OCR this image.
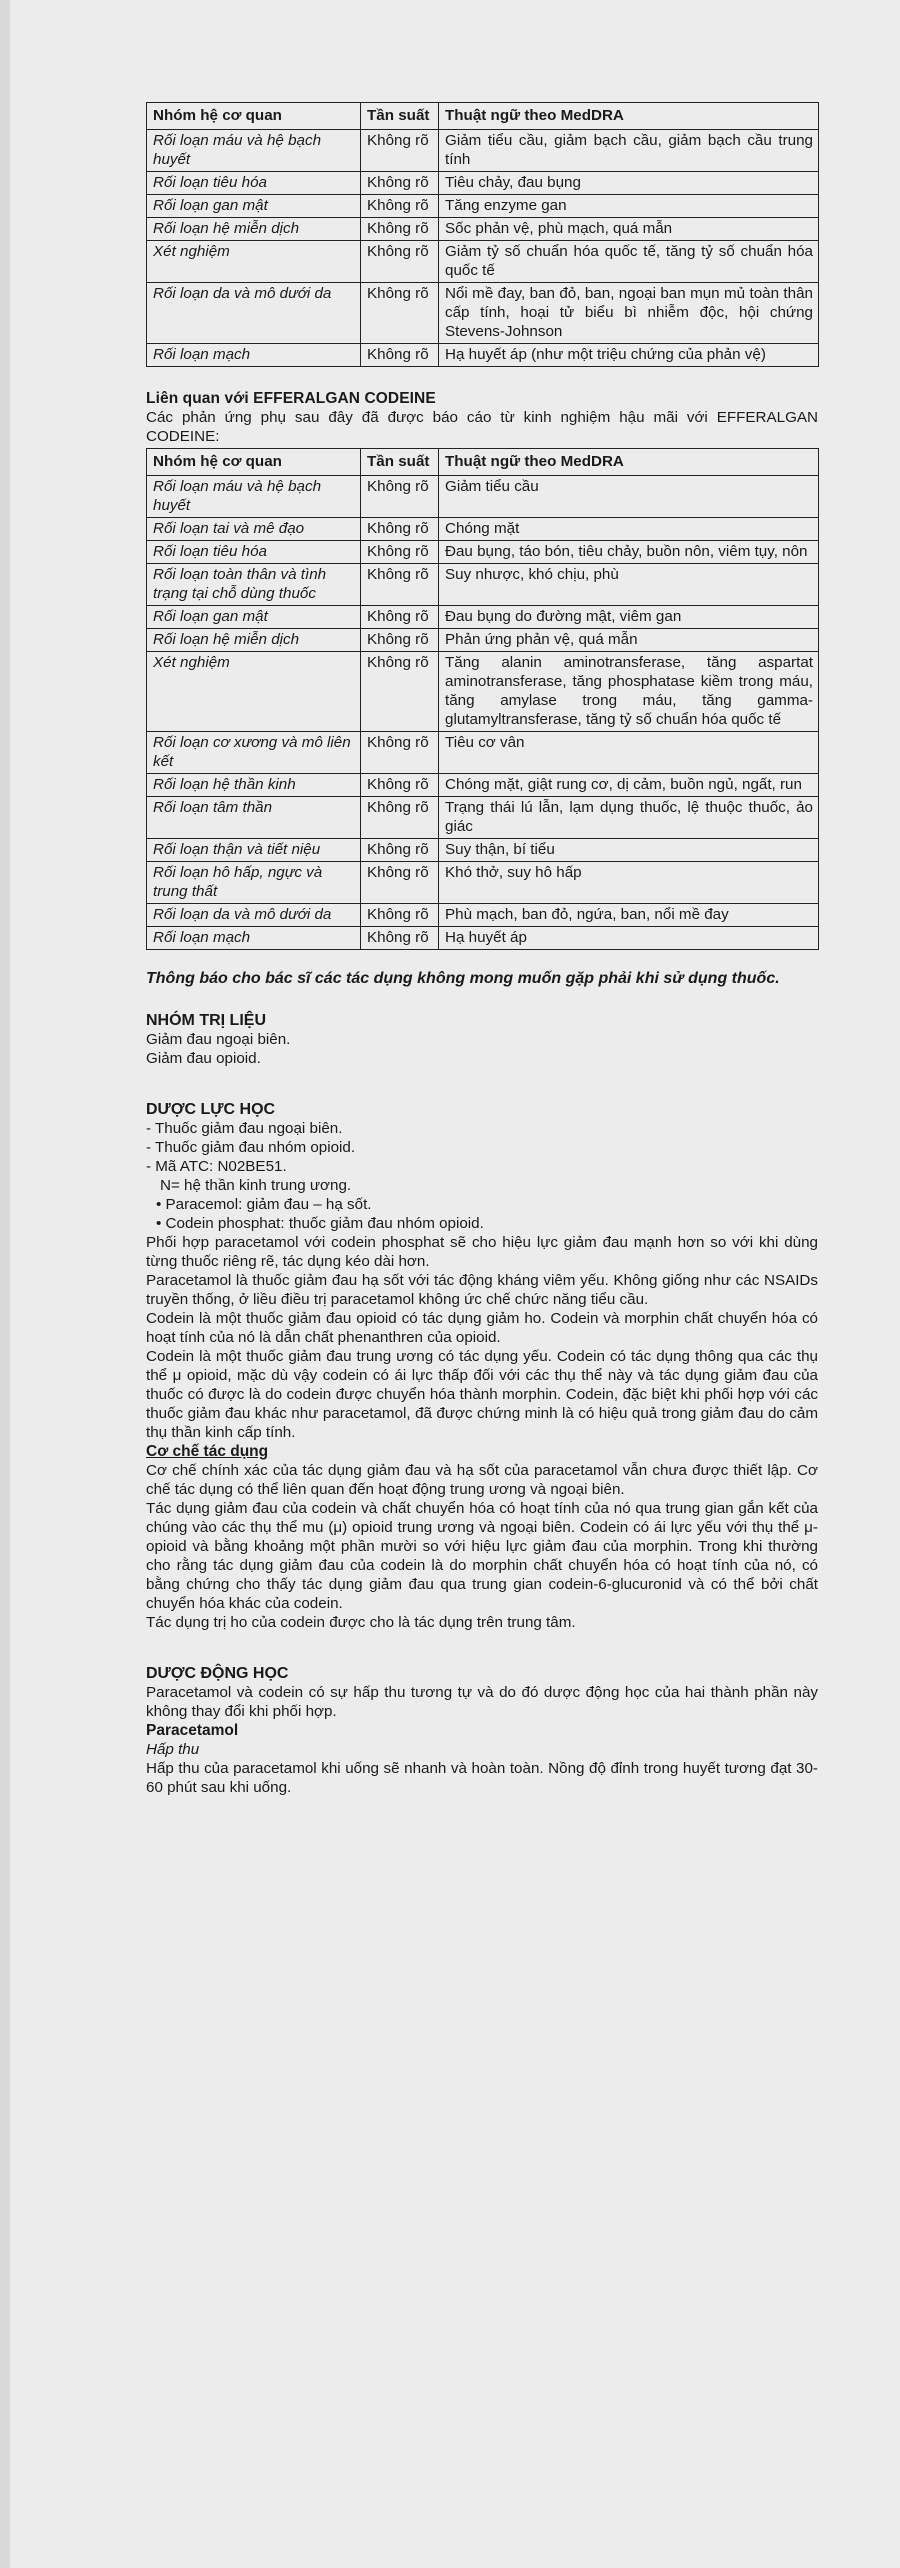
Nhóm hệ cơ quan	Tần suất	Thuật ngữ theo MedDRA
Rối loạn máu và hệ bạch huyết	Không rõ	Giảm tiểu cầu, giảm bạch cầu, giảm bạch cầu trung tính
Rối loạn tiêu hóa	Không rõ	Tiêu chảy, đau bụng
Rối loạn gan mật	Không rõ	Tăng enzyme gan
Rối loạn hệ miễn dịch	Không rõ	Sốc phản vệ, phù mạch, quá mẫn
Xét nghiệm	Không rõ	Giảm tỷ số chuẩn hóa quốc tế, tăng tỷ số chuẩn hóa quốc tế
Rối loạn da và mô dưới da	Không rõ	Nổi mề đay, ban đỏ, ban, ngoại ban mụn mủ toàn thân cấp tính, hoại tử biểu bì nhiễm độc, hội chứng Stevens-Johnson
Rối loạn mạch	Không rõ	Hạ huyết áp (như một triệu chứng của phản vệ)
Liên quan với EFFERALGAN CODEINE
Các phản ứng phụ sau đây đã được báo cáo từ kinh nghiệm hậu mãi với EFFERALGAN CODEINE:
Nhóm hệ cơ quan	Tần suất	Thuật ngữ theo MedDRA
Rối loạn máu và hệ bạch huyết	Không rõ	Giảm tiểu cầu
Rối loạn tai và mê đạo	Không rõ	Chóng mặt
Rối loạn tiêu hóa	Không rõ	Đau bụng, táo bón, tiêu chảy, buồn nôn, viêm tụy, nôn
Rối loạn toàn thân và tình trạng tại chỗ dùng thuốc	Không rõ	Suy nhược, khó chịu, phù
Rối loạn gan mật	Không rõ	Đau bụng do đường mật, viêm gan
Rối loạn hệ miễn dịch	Không rõ	Phản ứng phản vệ, quá mẫn
Xét nghiệm	Không rõ	Tăng alanin aminotransferase, tăng aspartat aminotransferase, tăng phosphatase kiềm trong máu, tăng amylase trong máu, tăng gamma-glutamyltransferase, tăng tỷ số chuẩn hóa quốc tế
Rối loạn cơ xương và mô liên kết	Không rõ	Tiêu cơ vân
Rối loạn hệ thần kinh	Không rõ	Chóng mặt, giật rung cơ, dị cảm, buồn ngủ, ngất, run
Rối loạn tâm thần	Không rõ	Trạng thái lú lẫn, lạm dụng thuốc, lệ thuộc thuốc, ảo giác
Rối loạn thận và tiết niệu	Không rõ	Suy thận, bí tiểu
Rối loạn hô hấp, ngực và trung thất	Không rõ	Khó thở, suy hô hấp
Rối loạn da và mô dưới da	Không rõ	Phù mạch, ban đỏ, ngứa, ban, nổi mề đay
Rối loạn mạch	Không rõ	Hạ huyết áp
Thông báo cho bác sĩ các tác dụng không mong muốn gặp phải khi sử dụng thuốc.
NHÓM TRỊ LIỆU
Giảm đau ngoại biên.
Giảm đau opioid.
DƯỢC LỰC HỌC
- Thuốc giảm đau ngoại biên.
- Thuốc giảm đau nhóm opioid.
- Mã ATC: N02BE51.
N= hệ thần kinh trung ương.
• Paracemol: giảm đau – hạ sốt.
• Codein phosphat: thuốc giảm đau nhóm opioid.
Phối hợp paracetamol với codein phosphat sẽ cho hiệu lực giảm đau mạnh hơn so với khi dùng từng thuốc riêng rẽ, tác dụng kéo dài hơn.
Paracetamol là thuốc giảm đau hạ sốt với tác động kháng viêm yếu. Không giống như các NSAIDs truyền thống, ở liều điều trị paracetamol không ức chế chức năng tiểu cầu.
Codein là một thuốc giảm đau opioid có tác dụng giảm ho. Codein và morphin chất chuyển hóa có hoạt tính của nó là dẫn chất phenanthren của opioid.
Codein là một thuốc giảm đau trung ương có tác dụng yếu. Codein có tác dụng thông qua các thụ thể μ opioid, mặc dù vậy codein có ái lực thấp đối với các thụ thể này và tác dụng giảm đau của thuốc có được là do codein được chuyển hóa thành morphin. Codein, đặc biệt khi phối hợp với các thuốc giảm đau khác như paracetamol, đã được chứng minh là có hiệu quả trong giảm đau do cảm thụ thần kinh cấp tính.
Cơ chế tác dụng
Cơ chế chính xác của tác dụng giảm đau và hạ sốt của paracetamol vẫn chưa được thiết lập. Cơ chế tác dụng có thể liên quan đến hoạt động trung ương và ngoại biên.
Tác dụng giảm đau của codein và chất chuyển hóa có hoạt tính của nó qua trung gian gắn kết của chúng vào các thụ thể mu (μ) opioid trung ương và ngoại biên. Codein có ái lực yếu với thụ thể μ-opioid và bằng khoảng một phần mười so với hiệu lực giảm đau của morphin. Trong khi thường cho rằng tác dụng giảm đau của codein là do morphin chất chuyển hóa có hoạt tính của nó, có bằng chứng cho thấy tác dụng giảm đau qua trung gian codein-6-glucuronid và có thể bởi chất chuyển hóa khác của codein.
Tác dụng trị ho của codein được cho là tác dụng trên trung tâm.
DƯỢC ĐỘNG HỌC
Paracetamol và codein có sự hấp thu tương tự và do đó dược động học của hai thành phần này không thay đổi khi phối hợp.
Paracetamol
Hấp thu
Hấp thu của paracetamol khi uống sẽ nhanh và hoàn toàn. Nồng độ đỉnh trong huyết tương đạt 30-60 phút sau khi uống.
